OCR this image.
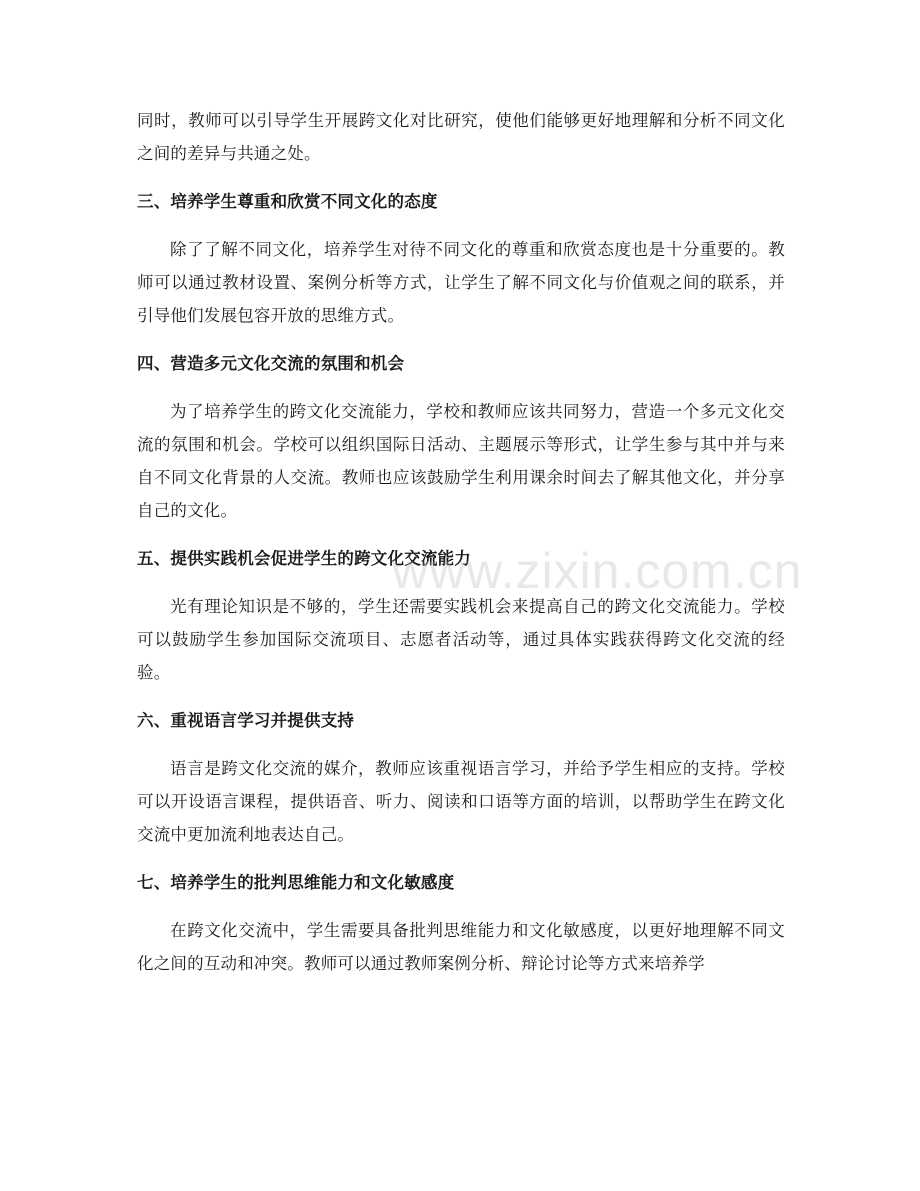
同时，教师可以引导学生开展跨文化对比研究，使他们能够更好地理解和分析不同文化之间的差异与共通之处。

三、培养学生尊重和欣赏不同文化的态度

除了了解不同文化，培养学生对待不同文化的尊重和欣赏态度也是十分重要的。教师可以通过教材设置、案例分析等方式，让学生了解不同文化与价值观之间的联系，并引导他们发展包容开放的思维方式。

四、营造多元文化交流的氛围和机会

为了培养学生的跨文化交流能力，学校和教师应该共同努力，营造一个多元文化交流的氛围和机会。学校可以组织国际日活动、主题展示等形式，让学生参与其中并与来自不同文化背景的人交流。教师也应该鼓励学生利用课余时间去了解其他文化，并分享自己的文化。

五、提供实践机会促进学生的跨文化交流能力

光有理论知识是不够的，学生还需要实践机会来提高自己的跨文化交流能力。学校可以鼓励学生参加国际交流项目、志愿者活动等，通过具体实践获得跨文化交流的经验。

六、重视语言学习并提供支持

语言是跨文化交流的媒介，教师应该重视语言学习，并给予学生相应的支持。学校可以开设语言课程，提供语音、听力、阅读和口语等方面的培训，以帮助学生在跨文化交流中更加流利地表达自己。

七、培养学生的批判思维能力和文化敏感度

在跨文化交流中，学生需要具备批判思维能力和文化敏感度，以更好地理解不同文化之间的互动和冲突。教师可以通过教师案例分析、辩论讨论等方式来培养学

www.zixin.com.cn
